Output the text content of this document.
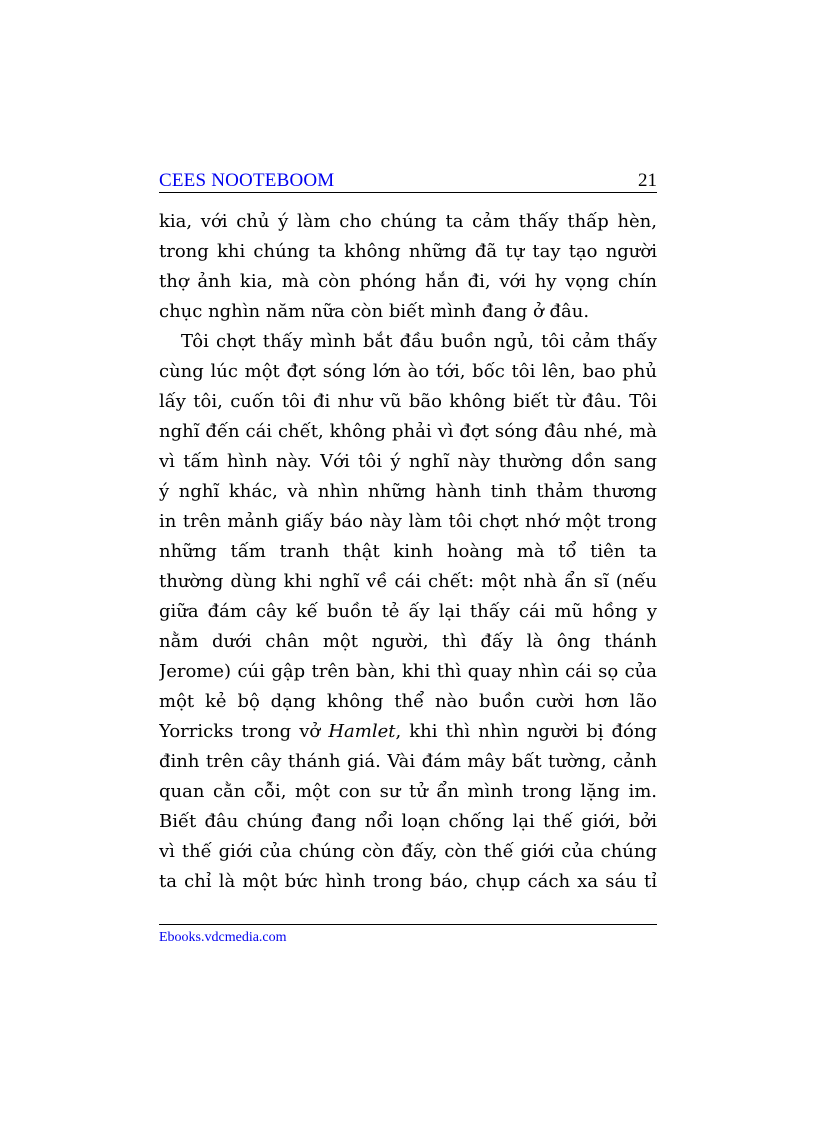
CEES NOOTEBOOM	21
kia, với chủ ý làm cho chúng ta cảm thấy thấp hèn,
trong khi chúng ta không những đã tự tay tạo người
thợ ảnh kia, mà còn phóng hắn đi, với hy vọng chín
chục nghìn năm nữa còn biết mình đang ở đâu.
Tôi chợt thấy mình bắt đầu buồn ngủ, tôi cảm thấy
cùng lúc một đợt sóng lớn ào tới, bốc tôi lên, bao phủ
lấy tôi, cuốn tôi đi như vũ bão không biết từ đâu. Tôi
nghĩ đến cái chết, không phải vì đợt sóng đâu nhé, mà
vì tấm hình này. Với tôi ý nghĩ này thường dồn sang
ý nghĩ khác, và nhìn những hành tinh thảm thương
in trên mảnh giấy báo này làm tôi chợt nhớ một trong
những tấm tranh thật kinh hoàng mà tổ tiên ta
thường dùng khi nghĩ về cái chết: một nhà ẩn sĩ (nếu
giữa đám cây kế buồn tẻ ấy lại thấy cái mũ hồng y
nằm dưới chân một người, thì đấy là ông thánh
Jerome) cúi gập trên bàn, khi thì quay nhìn cái sọ của
một kẻ bộ dạng không thể nào buồn cười hơn lão
Yorricks trong vở Hamlet, khi thì nhìn người bị đóng
đinh trên cây thánh giá. Vài đám mây bất tường, cảnh
quan cằn cỗi, một con sư tử ẩn mình trong lặng im.
Biết đâu chúng đang nổi loạn chống lại thế giới, bởi
vì thế giới của chúng còn đấy, còn thế giới của chúng
ta chỉ là một bức hình trong báo, chụp cách xa sáu tỉ
Ebooks.vdcmedia.com
